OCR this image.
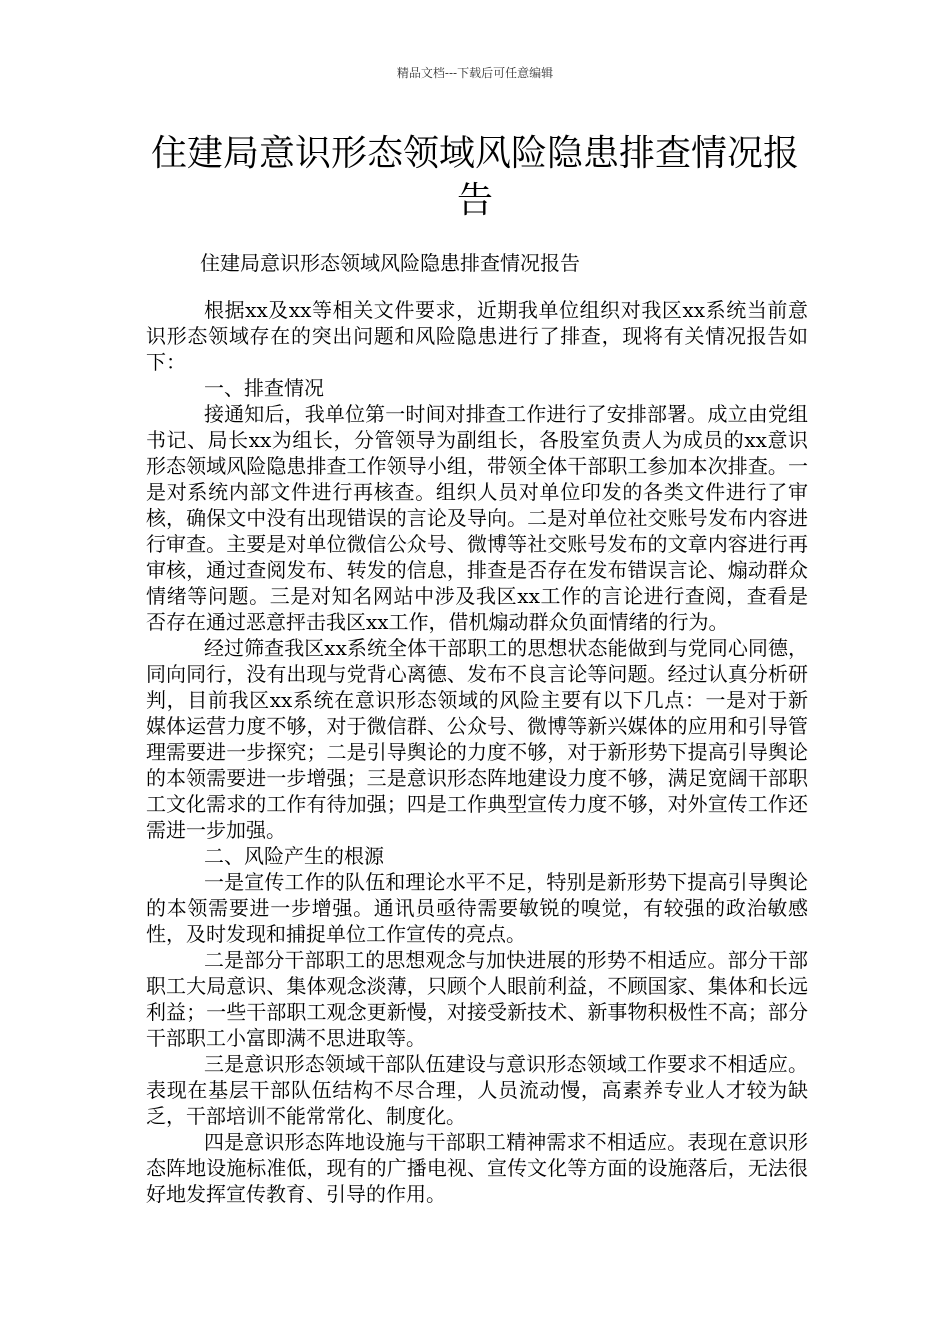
精品文档---下载后可任意编辑
住建局意识形态领域风险隐患排查情况报告
住建局意识形态领域风险隐患排查情况报告

根据xx及xx等相关文件要求，近期我单位组织对我区xx系统当前意识形态领域存在的突出问题和风险隐患进行了排查，现将有关情况报告如下：

一、排查情况

接通知后，我单位第一时间对排查工作进行了安排部署。成立由党组书记、局长xx为组长，分管领导为副组长，各股室负责人为成员的xx意识形态领域风险隐患排查工作领导小组，带领全体干部职工参加本次排查。一是对系统内部文件进行再核查。组织人员对单位印发的各类文件进行了审核，确保文中没有出现错误的言论及导向。二是对单位社交账号发布内容进行审查。主要是对单位微信公众号、微博等社交账号发布的文章内容进行再审核，通过查阅发布、转发的信息，排查是否存在发布错误言论、煽动群众情绪等问题。三是对知名网站中涉及我区xx工作的言论进行查阅，查看是否存在通过恶意抨击我区xx工作，借机煽动群众负面情绪的行为。

经过筛查我区xx系统全体干部职工的思想状态能做到与党同心同德，同向同行，没有出现与党背心离德、发布不良言论等问题。经过认真分析研判，目前我区xx系统在意识形态领域的风险主要有以下几点：一是对于新媒体运营力度不够，对于微信群、公众号、微博等新兴媒体的应用和引导管理需要进一步探究；二是引导舆论的力度不够，对于新形势下提高引导舆论的本领需要进一步增强；三是意识形态阵地建设力度不够，满足宽阔干部职工文化需求的工作有待加强；四是工作典型宣传力度不够，对外宣传工作还需进一步加强。

二、风险产生的根源

一是宣传工作的队伍和理论水平不足，特别是新形势下提高引导舆论的本领需要进一步增强。通讯员亟待需要敏锐的嗅觉，有较强的政治敏感性，及时发现和捕捉单位工作宣传的亮点。

二是部分干部职工的思想观念与加快进展的形势不相适应。部分干部职工大局意识、集体观念淡薄，只顾个人眼前利益，不顾国家、集体和长远利益；一些干部职工观念更新慢，对接受新技术、新事物积极性不高；部分干部职工小富即满不思进取等。

三是意识形态领域干部队伍建设与意识形态领域工作要求不相适应。表现在基层干部队伍结构不尽合理，人员流动慢，高素养专业人才较为缺乏，干部培训不能常常化、制度化。

四是意识形态阵地设施与干部职工精神需求不相适应。表现在意识形态阵地设施标准低，现有的广播电视、宣传文化等方面的设施落后，无法很好地发挥宣传教育、引导的作用。
